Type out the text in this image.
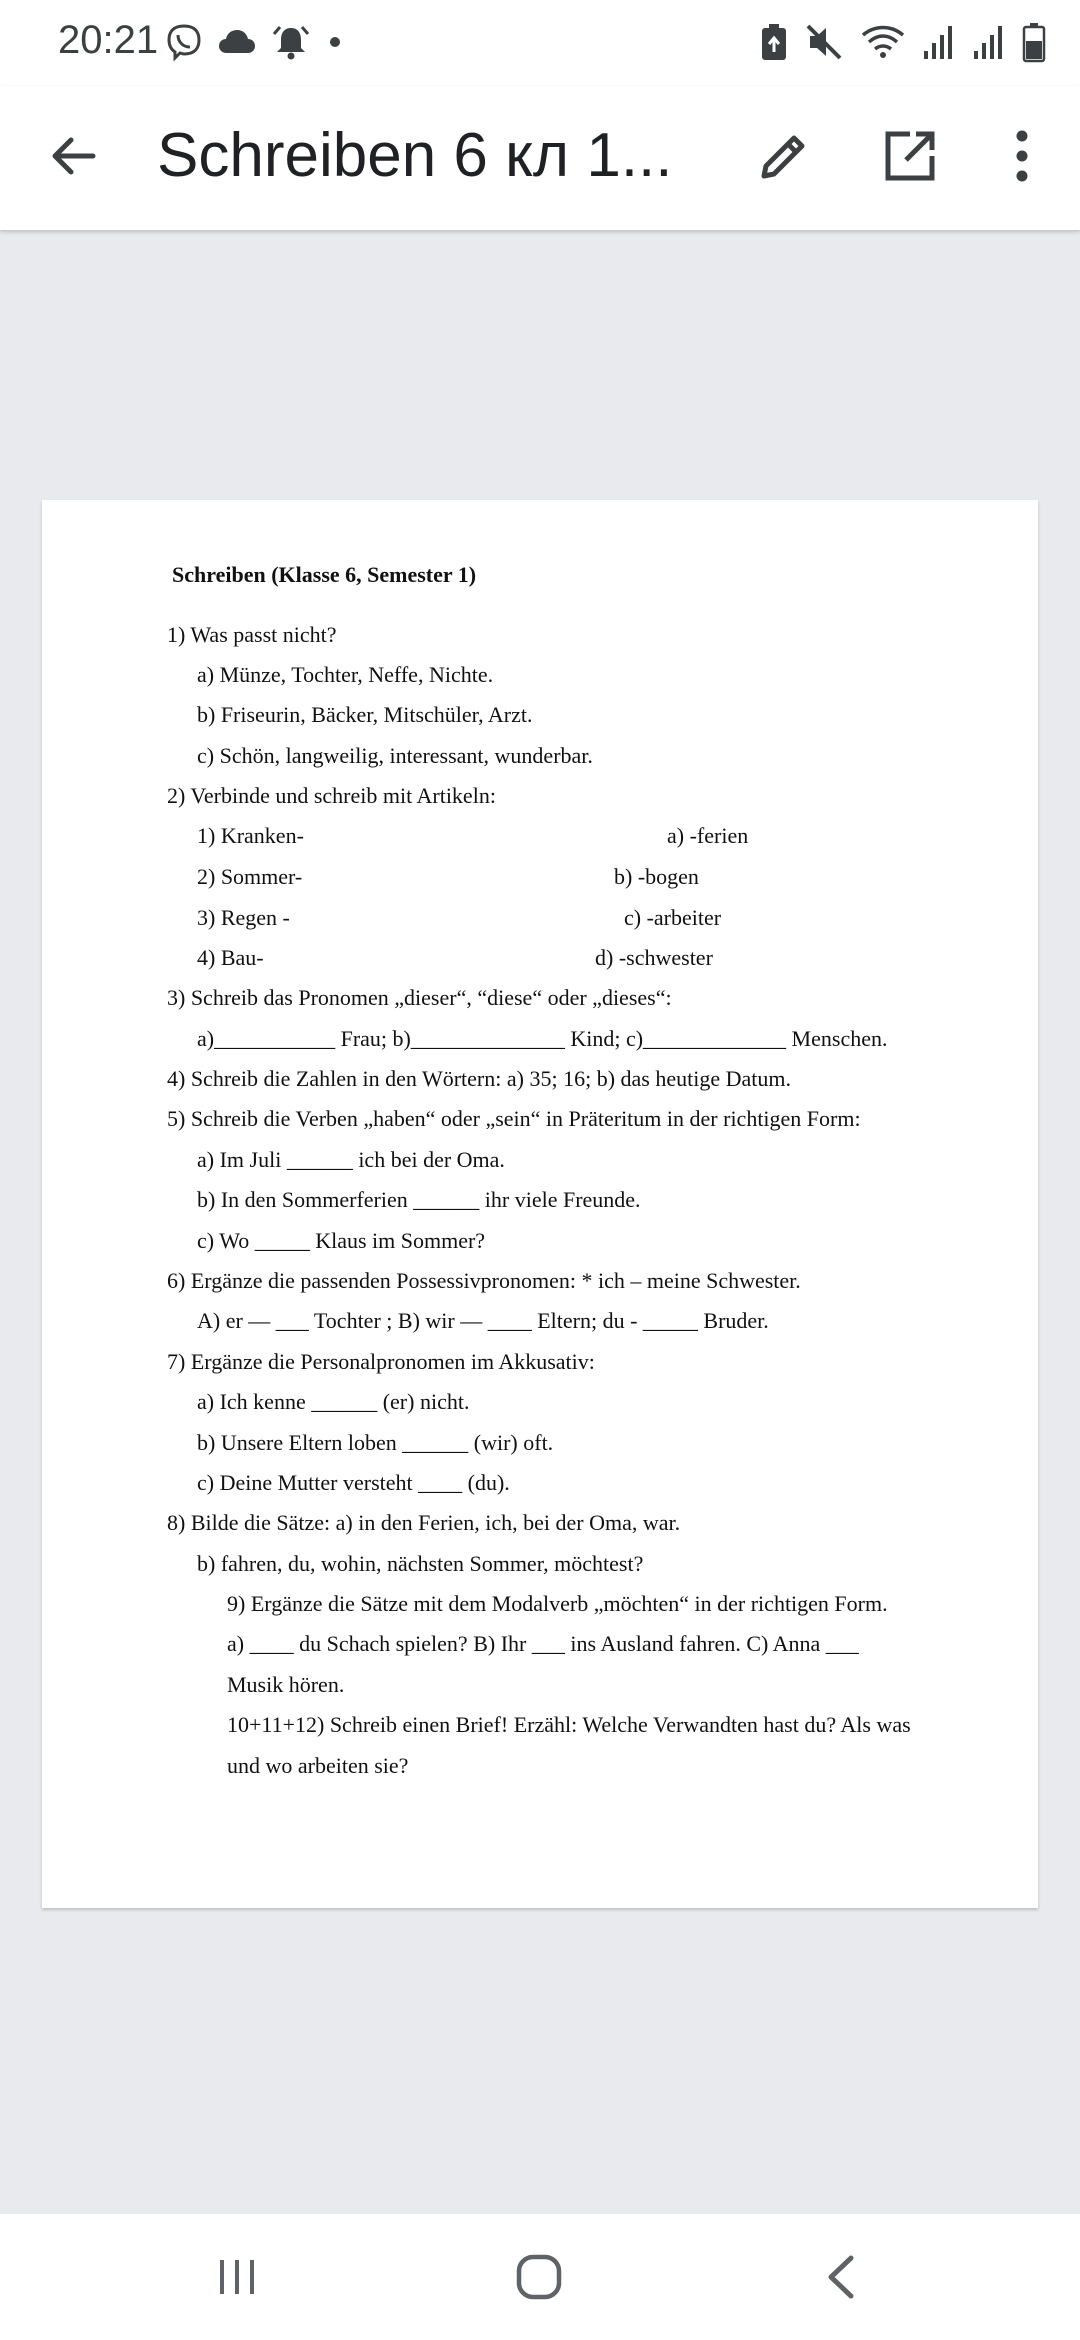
20:21
Schreiben 6 кл 1...
Schreiben (Klasse 6, Semester 1)
1) Was passt nicht?
a) Münze, Tochter, Neffe, Nichte.
b) Friseurin, Bäcker, Mitschüler, Arzt.
c) Schön, langweilig, interessant, wunderbar.
2) Verbinde und schreib mit Artikeln:
1) Kranken-	a) -ferien
2) Sommer-	b) -bogen
3) Regen -	c) -arbeiter
4) Bau-	d) -schwester
3) Schreib das Pronomen „dieser“, “diese“ oder „dieses“:
a)___________ Frau; b)______________ Kind; c)_____________ Menschen.
4) Schreib die Zahlen in den Wörtern: a) 35; 16; b) das heutige Datum.
5) Schreib die Verben „haben“ oder „sein“ in Präteritum in der richtigen Form:
a) Im Juli ______ ich bei der Oma.
b) In den Sommerferien ______ ihr viele Freunde.
c) Wo _____ Klaus im Sommer?
6) Ergänze die passenden Possessivpronomen: * ich – meine Schwester.
A) er — ___ Tochter ; B) wir — ____ Eltern; du - _____ Bruder.
7) Ergänze die Personalpronomen im Akkusativ:
a) Ich kenne ______ (er) nicht.
b) Unsere Eltern loben ______ (wir) oft.
c) Deine Mutter versteht ____ (du).
8) Bilde die Sätze: a) in den Ferien, ich, bei der Oma, war.
b) fahren, du, wohin, nächsten Sommer, möchtest?
9) Ergänze die Sätze mit dem Modalverb „möchten“ in der richtigen Form.
a) ____ du Schach spielen? B) Ihr ___ ins Ausland fahren. C) Anna ___
Musik hören.
10+11+12) Schreib einen Brief! Erzähl: Welche Verwandten hast du? Als was
und wo arbeiten sie?
